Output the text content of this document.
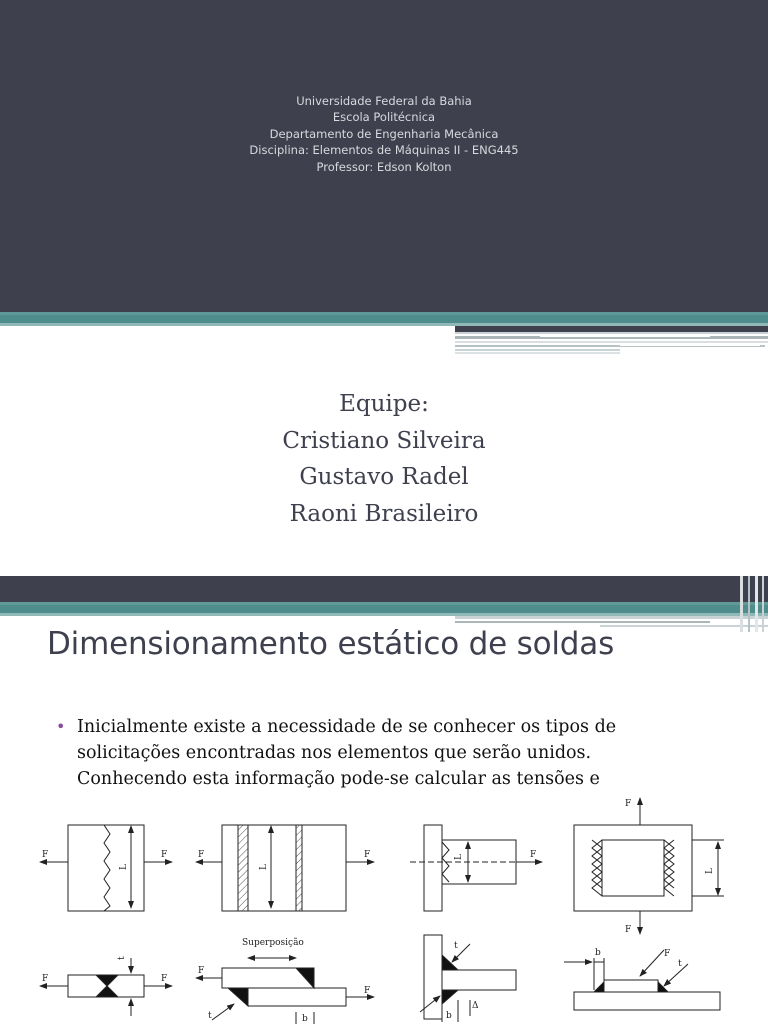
Universidade Federal da Bahia
Escola Politécnica
Departamento de Engenharia Mecânica
Disciplina: Elementos de Máquinas II - ENG445
Professor: Edson Kolton
Equipe:
Cristiano Silveira
Gustavo Radel
Raoni Brasileiro
Dimensionamento estático de soldas
• Inicialmente existe a necessidade de se conhecer os tipos de
solicitações encontradas nos elementos que serão unidos.
Conhecendo esta informação pode-se calcular as tensões e
F	F
L
F	F
L
F
L
F
F
L
F	F
t
Superposição
F
F
b
t
t
b
Δ
b	F
t
